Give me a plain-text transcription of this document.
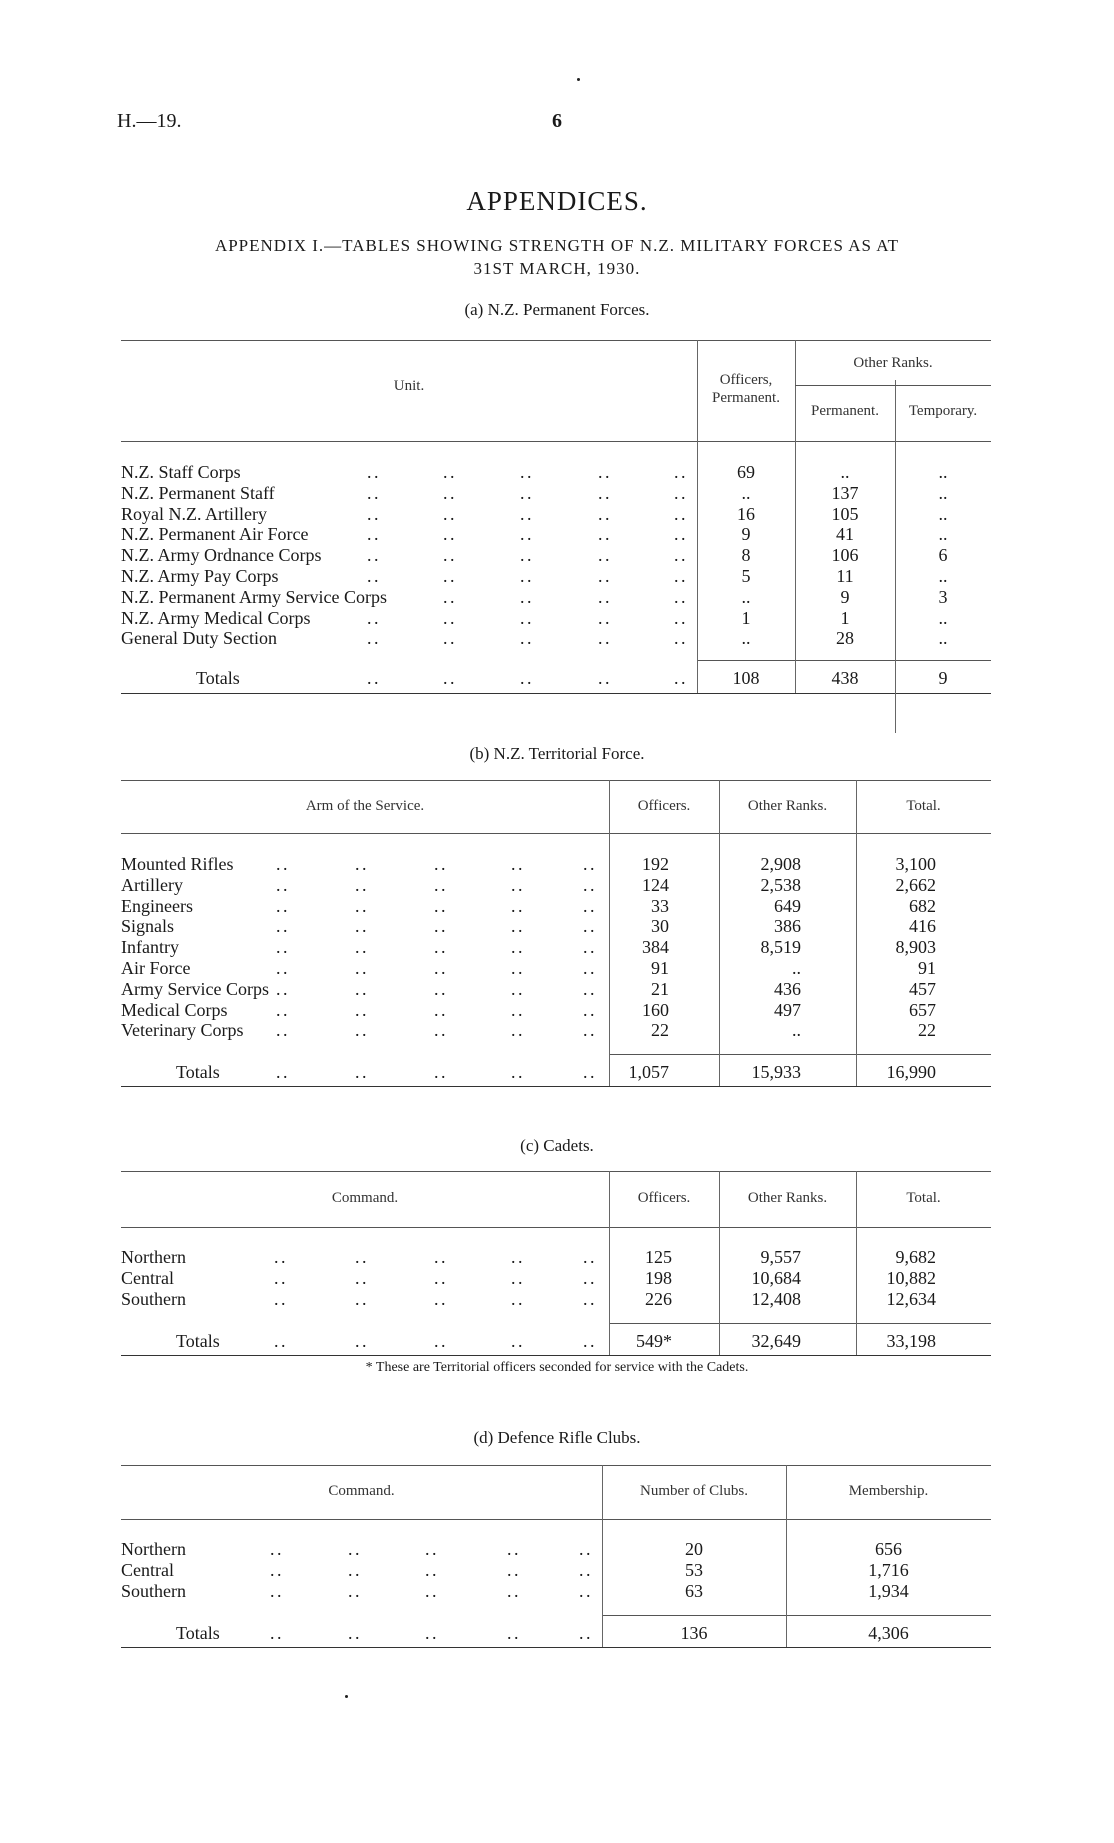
H.—19.	6
APPENDICES.
APPENDIX I.—TABLES SHOWING STRENGTH OF N.Z. MILITARY FORCES AS AT
31ST MARCH, 1930.
(a) N.Z. Permanent Forces.
Unit.	Officers, Permanent.
Other Ranks.
Permanent.	Temporary.
N.Z. Staff Corps . . . . . . . . . .	69	..	..
N.Z. Permanent Staff . . . . . . . . . .	..	137	..
Royal N.Z. Artillery . . . . . . . . . .	16	105	..
N.Z. Permanent Air Force . . . . . . . . . .	9	41	..
N.Z. Army Ordnance Corps . . . . . . . . . .	8	106	6
N.Z. Army Pay Corps . . . . . . . . . .	5	11	..
N.Z. Permanent Army Service Corps . . . . . . . . . .	..	9	3
N.Z. Army Medical Corps . . . . . . . . . .	1	1	..
General Duty Section . . . . . . . . . .	..	28	..
Totals . . . . . . . . . .	108	438	9
(b) N.Z. Territorial Force.
Arm of the Service.	Officers.	Other Ranks.	Total.
Mounted Rifles . . . . . . . . . .	192	2,908	3,100
Artillery . . . . . . . . . .	124	2,538	2,662
Engineers . . . . . . . . . .	33	649	682
Signals . . . . . . . . . .	30	386	416
Infantry . . . . . . . . . .	384	8,519	8,903
Air Force . . . . . . . . . .	91	..	91
Army Service Corps . . . . . . . . . .	21	436	457
Medical Corps . . . . . . . . . .	160	497	657
Veterinary Corps . . . . . . . . . .	22	..	22
Totals . . . . . . . . . .	1,057	15,933	16,990
(c) Cadets.
Command.	Officers.	Other Ranks.	Total.
Northern . . . . . . . . . .	125	9,557	9,682
Central . . . . . . . . . .	198	10,684	10,882
Southern . . . . . . . . . .	226	12,408	12,634
Totals . . . . . . . . . .	549*	32,649	33,198
* These are Territorial officers seconded for service with the Cadets.
(d) Defence Rifle Clubs.
Command.	Number of Clubs.	Membership.
Northern . . . . . . . . . .	20	656
Central . . . . . . . . . .	53	1,716
Southern . . . . . . . . . .	63	1,934
Totals . . . . . . . . . .	136	4,306
